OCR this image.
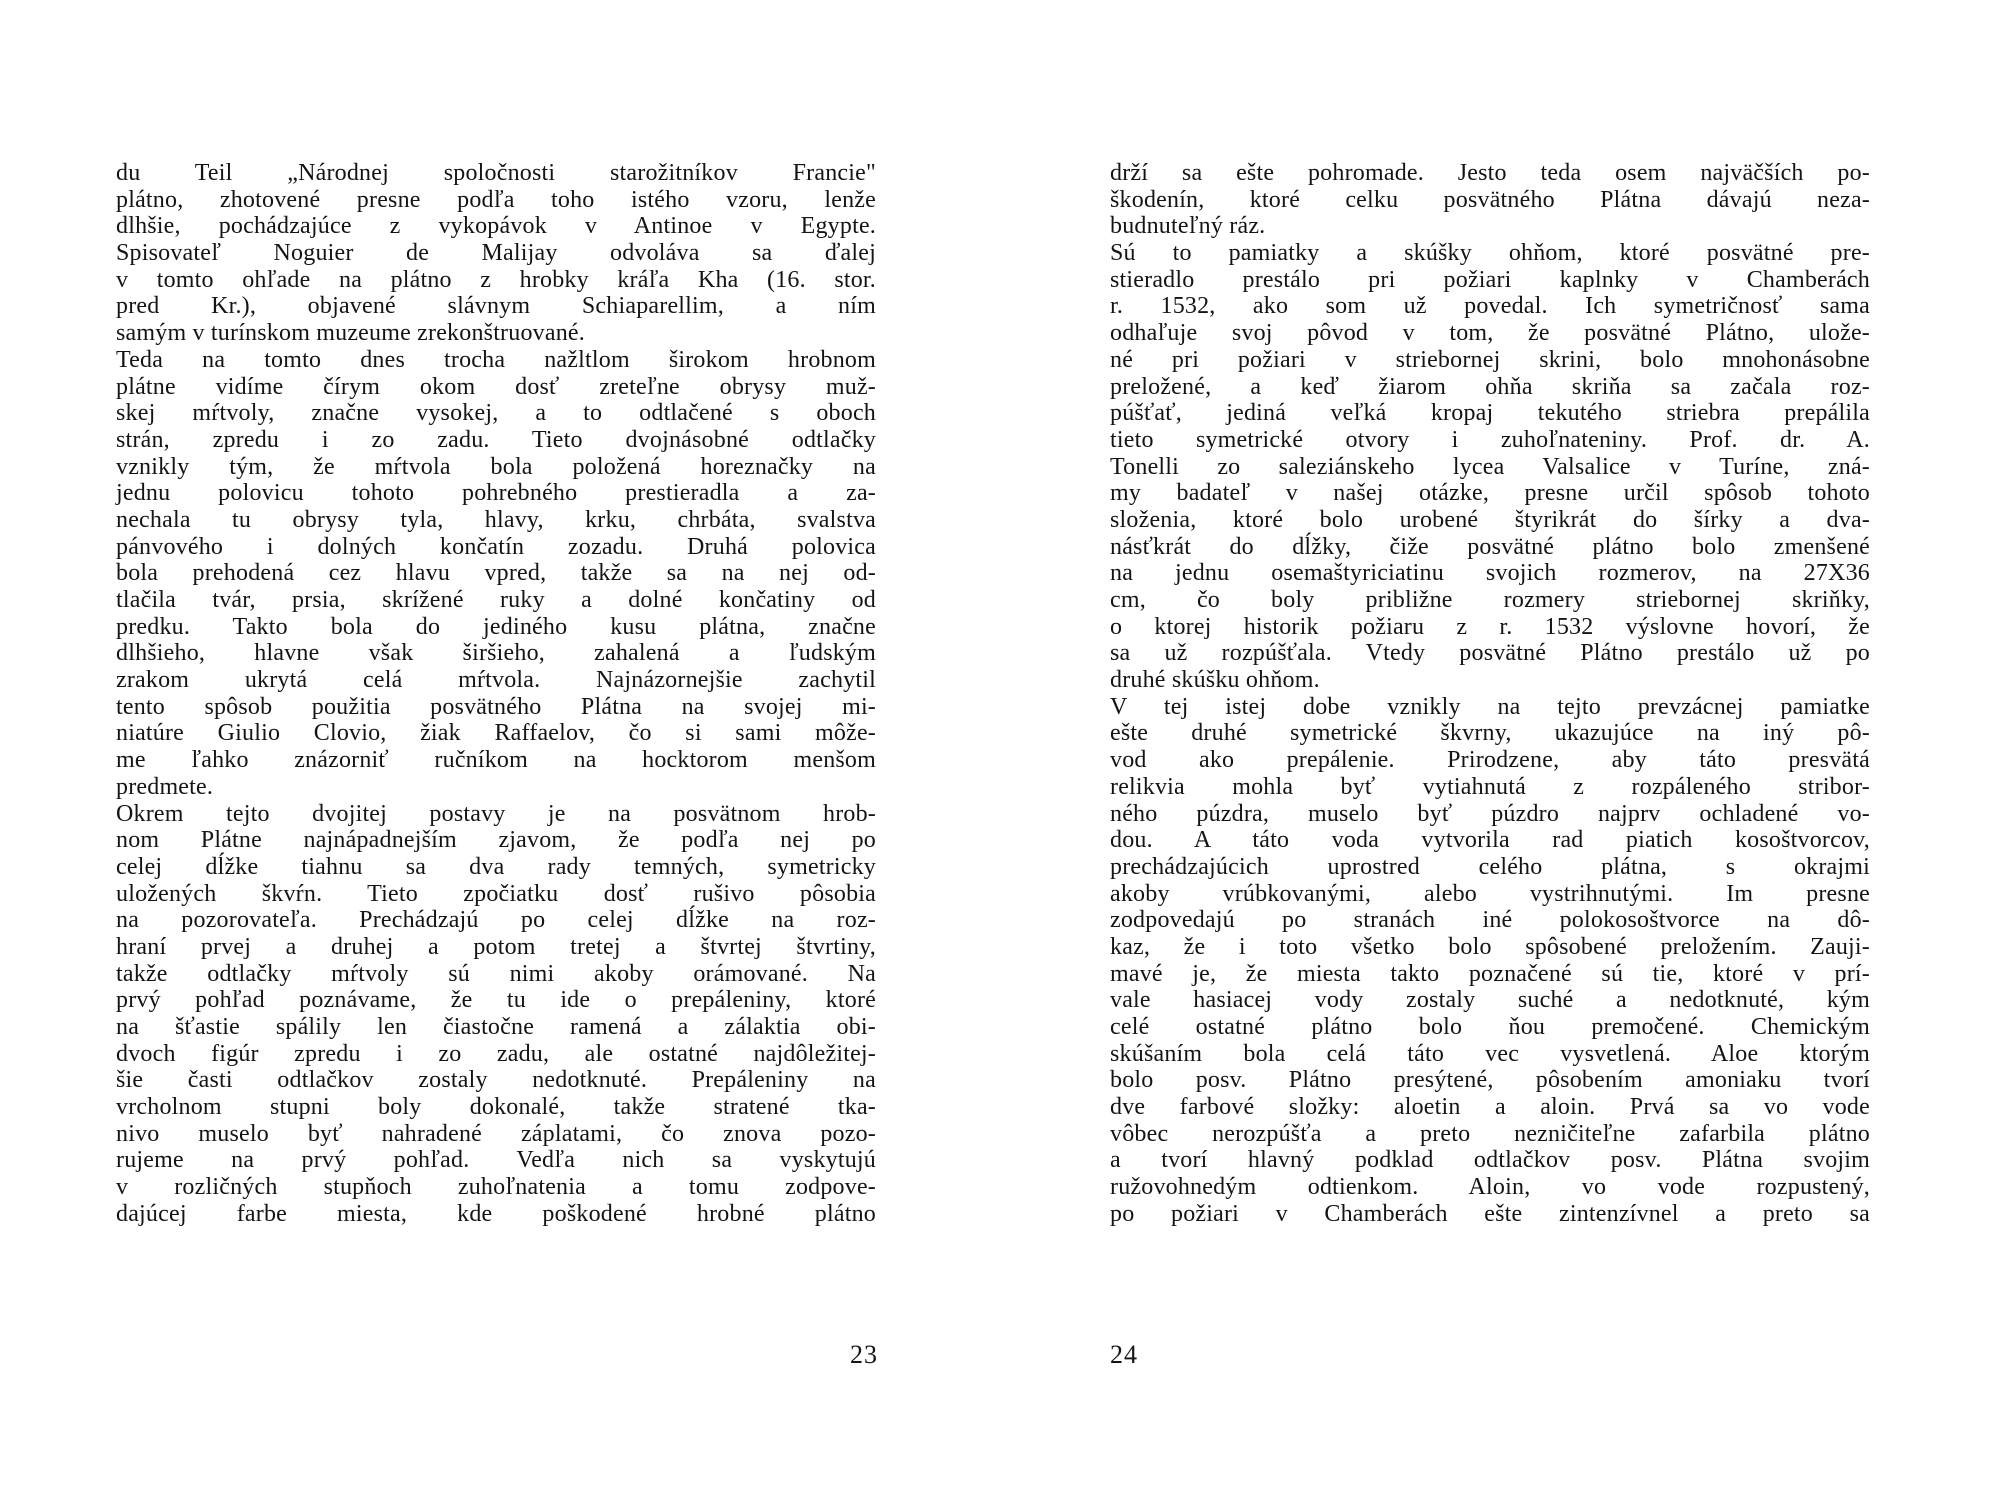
du Teil „Národnej spoločnosti starožitníkov Francie"
plátno, zhotovené presne podľa toho istého vzoru, lenže
dlhšie, pochádzajúce z vykopávok v Antinoe v Egypte.
Spisovateľ Noguier de Malijay odvoláva sa ďalej
v tomto ohľade na plátno z hrobky kráľa Kha (16. stor.
pred Kr.), objavené slávnym Schiaparellim, a ním
samým v turínskom muzeume zrekonštruované.
Teda na tomto dnes trocha nažltlom širokom hrobnom
plátne vidíme čírym okom dosť zreteľne obrysy muž-
skej mŕtvoly, značne vysokej, a to odtlačené s oboch
strán, zpredu i zo zadu. Tieto dvojnásobné odtlačky
vznikly tým, že mŕtvola bola položená horeznačky na
jednu polovicu tohoto pohrebného prestieradla a za-
nechala tu obrysy tyla, hlavy, krku, chrbáta, svalstva
pánvového i dolných končatín zozadu. Druhá polovica
bola prehodená cez hlavu vpred, takže sa na nej od-
tlačila tvár, prsia, skrížené ruky a dolné končatiny od
predku. Takto bola do jediného kusu plátna, značne
dlhšieho, hlavne však širšieho, zahalená a ľudským
zrakom ukrytá celá mŕtvola. Najnázornejšie zachytil
tento spôsob použitia posvätného Plátna na svojej mi-
niatúre Giulio Clovio, žiak Raffaelov, čo si sami môže-
me ľahko znázorniť ručníkom na hocktorom menšom
predmete.
Okrem tejto dvojitej postavy je na posvätnom hrob-
nom Plátne najnápadnejším zjavom, že podľa nej po
celej dĺžke tiahnu sa dva rady temných, symetricky
uložených škvŕn. Tieto zpočiatku dosť rušivo pôsobia
na pozorovateľa. Prechádzajú po celej dĺžke na roz-
hraní prvej a druhej a potom tretej a štvrtej štvrtiny,
takže odtlačky mŕtvoly sú nimi akoby orámované. Na
prvý pohľad poznávame, že tu ide o prepáleniny, ktoré
na šťastie spálily len čiastočne ramená a zálaktia obi-
dvoch figúr zpredu i zo zadu, ale ostatné najdôležitej-
šie časti odtlačkov zostaly nedotknuté. Prepáleniny na
vrcholnom stupni boly dokonalé, takže stratené tka-
nivo muselo byť nahradené záplatami, čo znova pozo-
rujeme na prvý pohľad. Vedľa nich sa vyskytujú
v rozličných stupňoch zuhoľnatenia a tomu zodpove-
dajúcej farbe miesta, kde poškodené hrobné plátno
23
drží sa ešte pohromade. Jesto teda osem najväčších po-
škodenín, ktoré celku posvätného Plátna dávajú neza-
budnuteľný ráz.
Sú to pamiatky a skúšky ohňom, ktoré posvätné pre-
stieradlo prestálo pri požiari kaplnky v Chamberách
r. 1532, ako som už povedal. Ich symetričnosť sama
odhaľuje svoj pôvod v tom, že posvätné Plátno, ulože-
né pri požiari v striebornej skrini, bolo mnohonásobne
preložené, a keď žiarom ohňa skriňa sa začala roz-
púšťať, jediná veľká kropaj tekutého striebra prepálila
tieto symetrické otvory i zuhoľnateniny. Prof. dr. A.
Tonelli zo saleziánskeho lycea Valsalice v Turíne, zná-
my badateľ v našej otázke, presne určil spôsob tohoto
složenia, ktoré bolo urobené štyrikrát do šírky a dva-
násťkrát do dĺžky, čiže posvätné plátno bolo zmenšené
na jednu osemaštyriciatinu svojich rozmerov, na 27X36
cm, čo boly približne rozmery striebornej skriňky,
o ktorej historik požiaru z r. 1532 výslovne hovorí, že
sa už rozpúšťala. Vtedy posvätné Plátno prestálo už po
druhé skúšku ohňom.
V tej istej dobe vznikly na tejto prevzácnej pamiatke
ešte druhé symetrické škvrny, ukazujúce na iný pô-
vod ako prepálenie. Prirodzene, aby táto presvätá
relikvia mohla byť vytiahnutá z rozpáleného stribor-
ného púzdra, muselo byť púzdro najprv ochladené vo-
dou. A táto voda vytvorila rad piatich kosoštvorcov,
prechádzajúcich uprostred celého plátna, s okrajmi
akoby vrúbkovanými, alebo vystrihnutými. Im presne
zodpovedajú po stranách iné polokosoštvorce na dô-
kaz, že i toto všetko bolo spôsobené preložením. Zauji-
mavé je, že miesta takto poznačené sú tie, ktoré v prí-
vale hasiacej vody zostaly suché a nedotknuté, kým
celé ostatné plátno bolo ňou premočené. Chemickým
skúšaním bola celá táto vec vysvetlená. Aloe ktorým
bolo posv. Plátno presýtené, pôsobením amoniaku tvorí
dve farbové složky: aloetin a aloin. Prvá sa vo vode
vôbec nerozpúšťa a preto nezničiteľne zafarbila plátno
a tvorí hlavný podklad odtlačkov posv. Plátna svojim
ružovohnedým odtienkom. Aloin, vo vode rozpustený,
po požiari v Chamberách ešte zintenzívnel a preto sa
24
